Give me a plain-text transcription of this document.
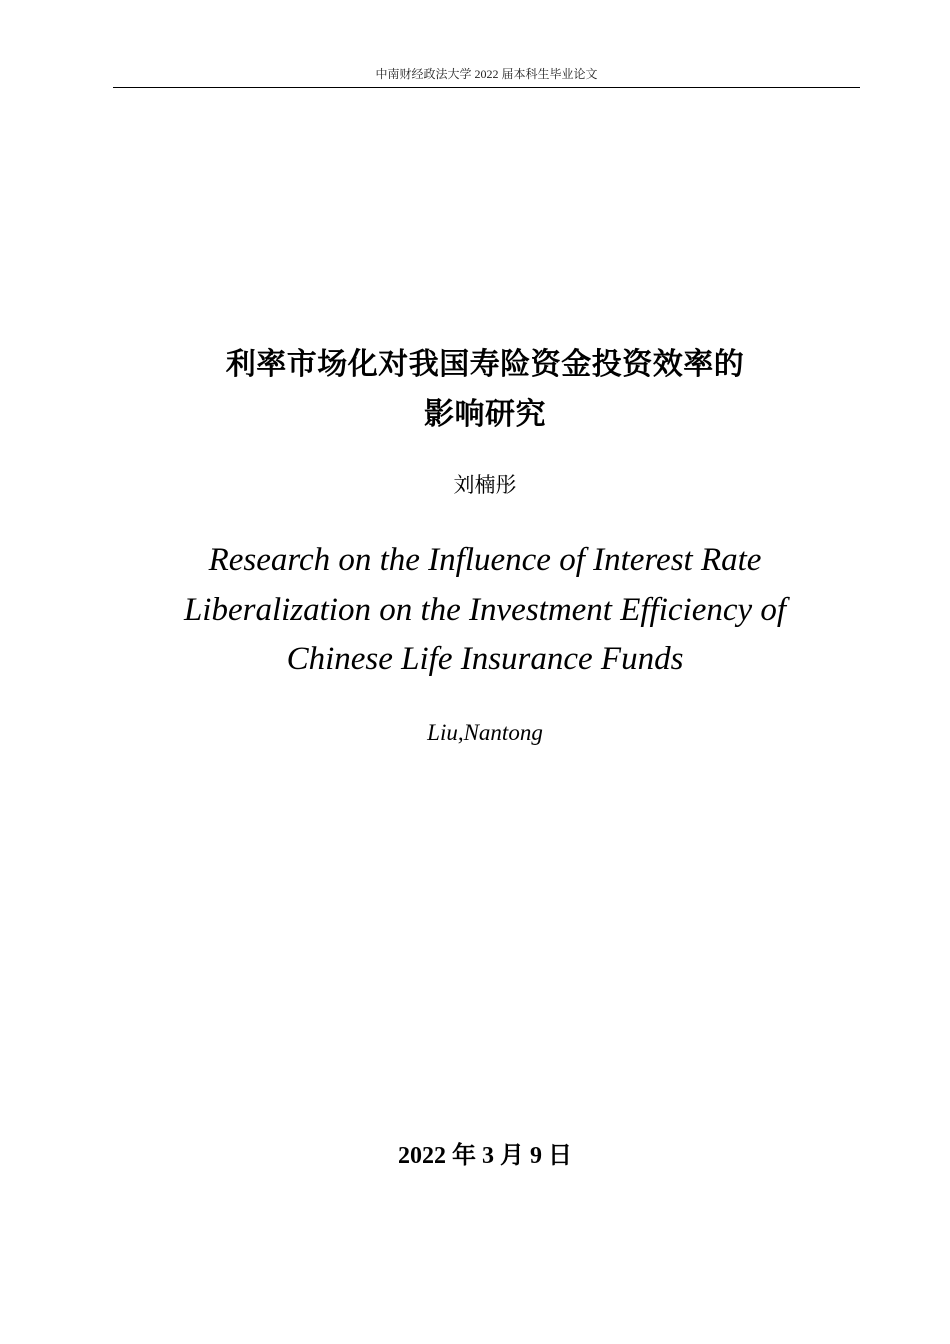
中南财经政法大学 2022 届本科生毕业论文
利率市场化对我国寿险资金投资效率的
影响研究
刘楠彤
Research on the Influence of Interest Rate
Liberalization on the Investment Efficiency of
Chinese Life Insurance Funds
Liu,Nantong
2022 年 3 月 9 日
